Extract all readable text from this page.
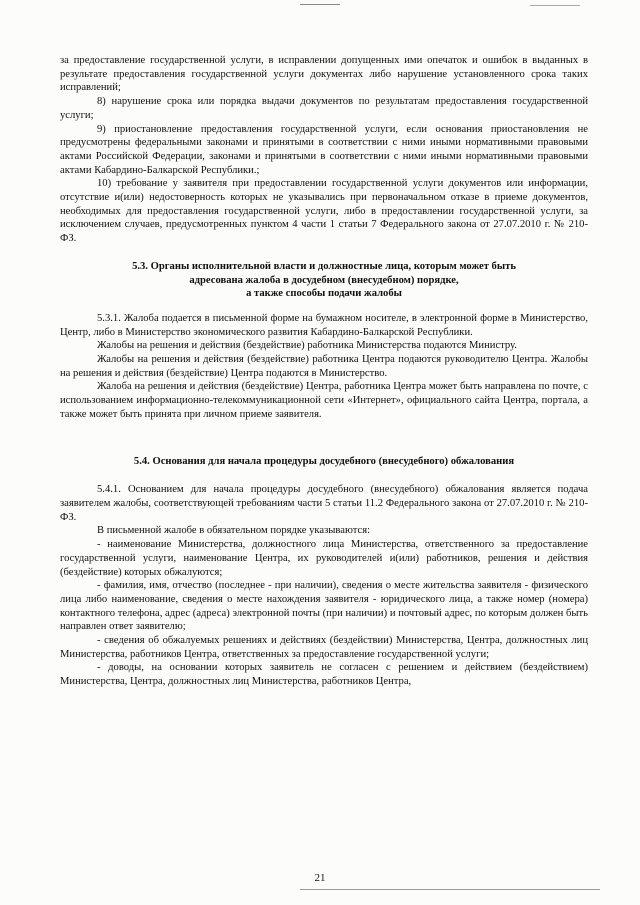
за предоставление государственной услуги, в исправлении допущенных ими опечаток и ошибок в выданных в результате предоставления государственной услуги документах либо нарушение установленного срока таких исправлений;

8) нарушение срока или порядка выдачи документов по результатам предоставления государственной услуги;

9) приостановление предоставления государственной услуги, если основания приостановления не предусмотрены федеральными законами и принятыми в соответствии с ними иными нормативными правовыми актами Российской Федерации, законами и принятыми в соответствии с ними иными нормативными правовыми актами Кабардино-Балкарской Республики.;

10) требование у заявителя при предоставлении государственной услуги документов или информации, отсутствие и(или) недостоверность которых не указывались при первоначальном отказе в приеме документов, необходимых для предоставления государственной услуги, либо в предоставлении государственной услуги, за исключением случаев, предусмотренных пунктом 4 части 1 статьи 7 Федерального закона от 27.07.2010 г. № 210-ФЗ.

5.3. Органы исполнительной власти и должностные лица, которым может быть
адресована жалоба в досудебном (внесудебном) порядке,
а также способы подачи жалобы

5.3.1. Жалоба подается в письменной форме на бумажном носителе, в электронной форме в Министерство, Центр, либо в Министерство экономического развития Кабардино-Балкарской Республики.

Жалобы на решения и действия (бездействие) работника Министерства подаются Министру.

Жалобы на решения и действия (бездействие) работника Центра подаются руководителю Центра. Жалобы на решения и действия (бездействие) Центра подаются в Министерство.

Жалоба на решения и действия (бездействие) Центра, работника Центра может быть направлена по почте, с использованием информационно-телекоммуникационной сети «Интернет», официального сайта Центра, портала, а также может быть принята при личном приеме заявителя.

5.4. Основания для начала процедуры досудебного (внесудебного) обжалования

5.4.1. Основанием для начала процедуры досудебного (внесудебного) обжалования является подача заявителем жалобы, соответствующей требованиям части 5 статьи 11.2 Федерального закона от 27.07.2010 г. № 210-ФЗ.

В письменной жалобе в обязательном порядке указываются:

- наименование Министерства, должностного лица Министерства, ответственного за предоставление государственной услуги, наименование Центра, их руководителей и(или) работников, решения и действия (бездействие) которых обжалуются;

- фамилия, имя, отчество (последнее - при наличии), сведения о месте жительства заявителя - физического лица либо наименование, сведения о месте нахождения заявителя - юридического лица, а также номер (номера) контактного телефона, адрес (адреса) электронной почты (при наличии) и почтовый адрес, по которым должен быть направлен ответ заявителю;

- сведения об обжалуемых решениях и действиях (бездействии) Министерства, Центра, должностных лиц Министерства, работников Центра, ответственных за предоставление государственной услуги;

- доводы, на основании которых заявитель не согласен с решением и действием (бездействием) Министерства, Центра, должностных лиц Министерства, работников Центра,

21
